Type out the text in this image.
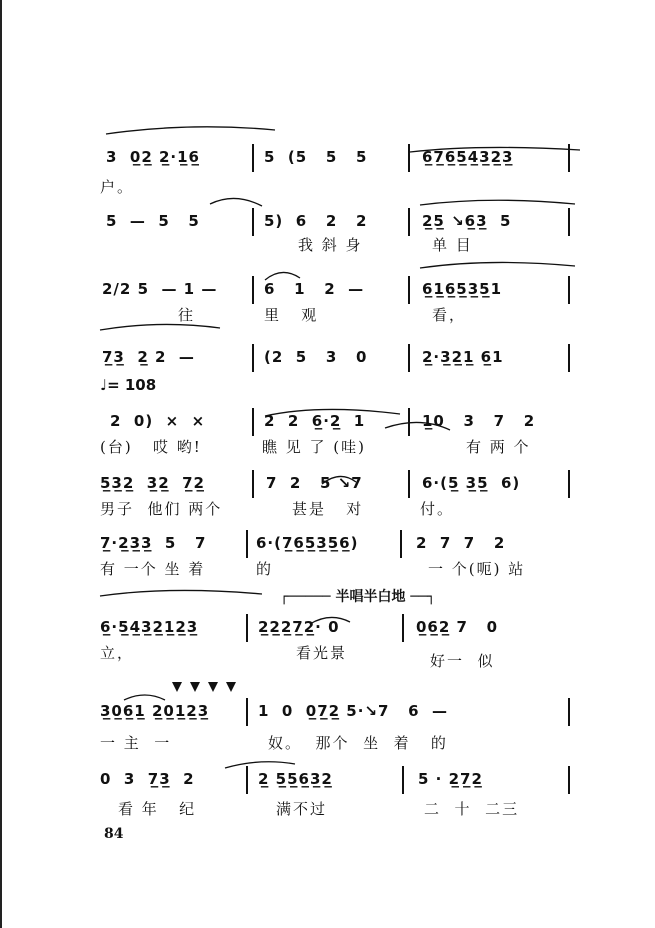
3  0̲2̲ 2̲·1̲6̲	5  (5   5   5	6̲7̲6̲5̲4̲3̲2̲3̲
户。
5  —  5   5	5)  6   2   2	2̲5̲ ↘6̲3̲  5
我 斜 身	单 目
2/2 5  — 1 —	6   1   2  —	6̲1̲6̲5̲3̲5̲1
往	里   观	看，
7̲3̲  2̲ 2  —	(2  5   3   0	2̲·3̲2̲1̲ 6̲1
♩= 108
2  0)  ×  ×	2  2  6̲·2̲  1	1̲0   3   7   2
(台)   哎 哟!	瞧 见 了 (哇)	有 两 个
5̲3̲2̲  3̲2̲  7̲2̲	7  2   5 ↘7	6·(5̲ 3̲5̲  6)
男子  他们 两个	甚是   对	付。
7̲·2̲3̲3̲  5   7	6·(7̲6̲5̲3̲5̲6̲)	2  7  7   2
有 一个 坐 着	的	一 个(呃) 站
┌───── 半唱半白地 ──┐
6̲·5̲4̲3̲2̲1̲2̲3̲	2̲2̲2̲7̲2̲· 0	0̲6̲2̲ 7   0
立，	看光景	好一  似
3̲0̲6̲1̲ 2̲0̲1̲2̲3̲	1  0  0̲7̲2̲ 5·↘7   6  —
一 主  一	奴。  那个  坐  着   的
0  3  7̲3̲  2	2̲ 5̲5̲6̲3̲2̲	5 · 2̲7̲2̲
看 年   纪	满不过	二  十  二三
84
